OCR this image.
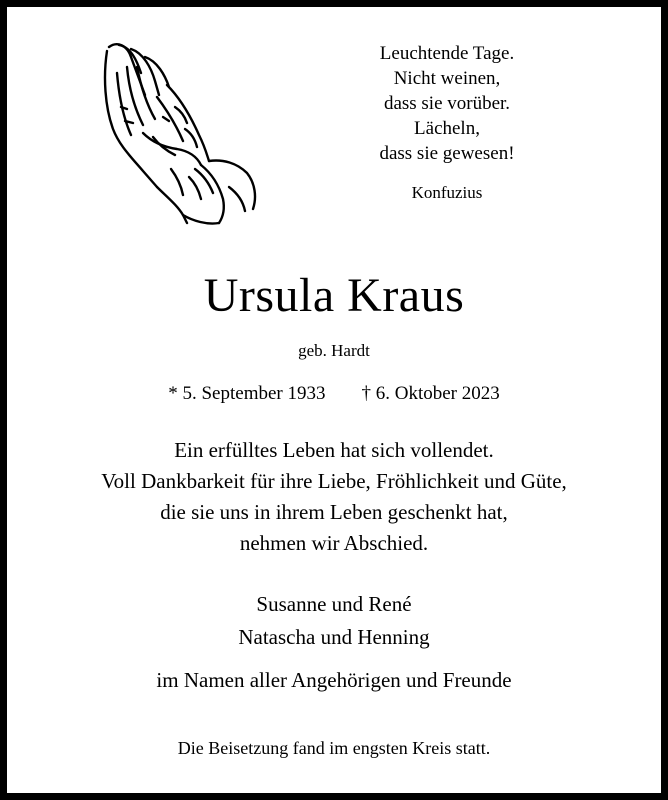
Leuchtende Tage.
Nicht weinen,
dass sie vorüber.
Lächeln,
dass sie gewesen!
Konfuzius
Ursula Kraus
geb. Hardt
* 5. September 1933 † 6. Oktober 2023
Ein erfülltes Leben hat sich vollendet.
Voll Dankbarkeit für ihre Liebe, Fröhlichkeit und Güte,
die sie uns in ihrem Leben geschenkt hat,
nehmen wir Abschied.
Susanne und René
Natascha und Henning
im Namen aller Angehörigen und Freunde
Die Beisetzung fand im engsten Kreis statt.
